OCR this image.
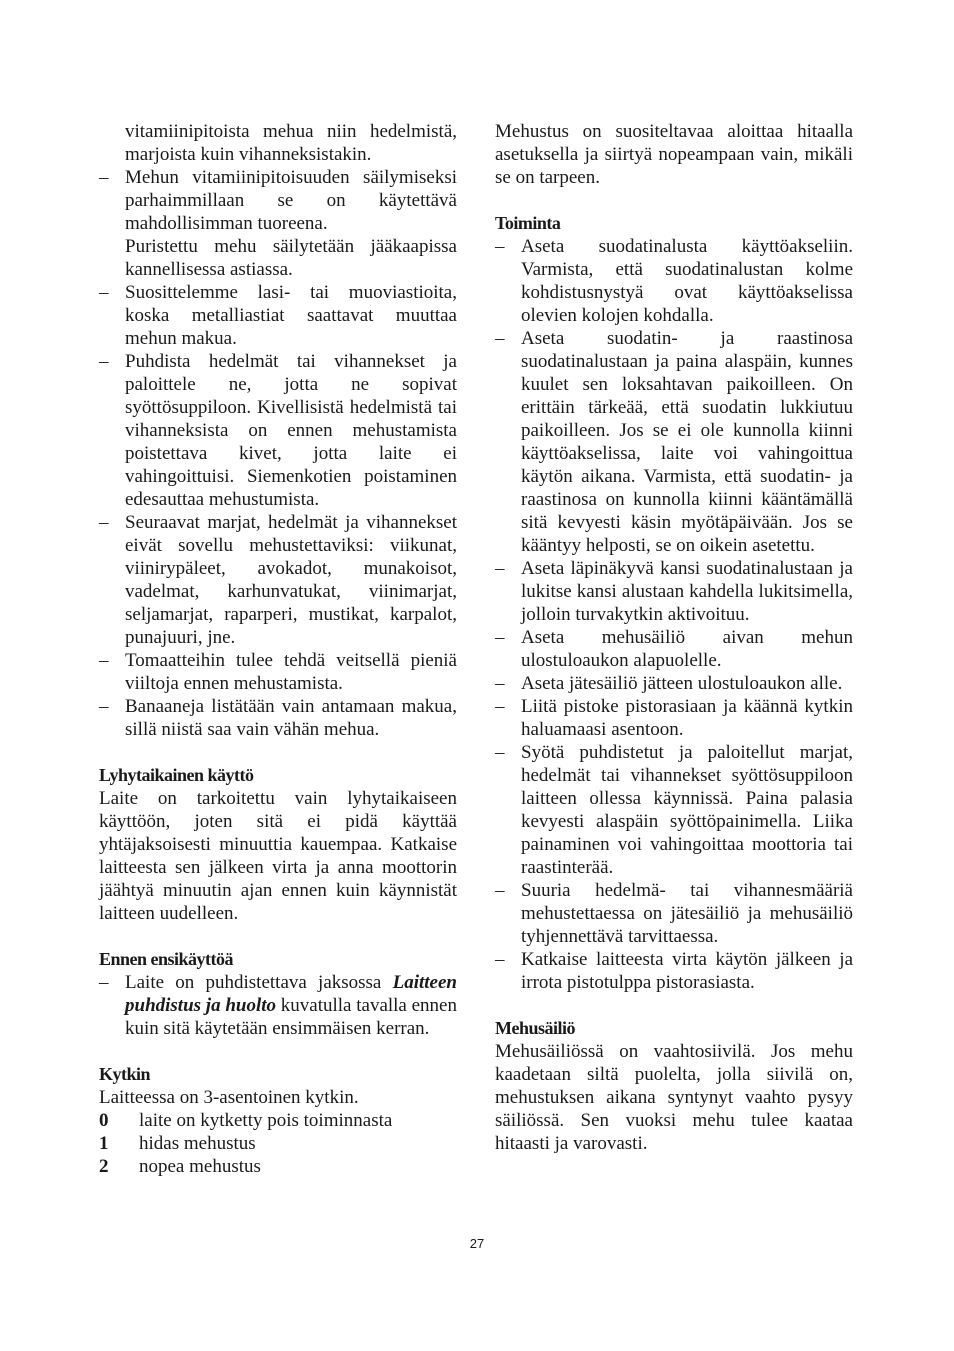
vitamiinipitoista mehua niin hedelmistä, marjoista kuin vihanneksistakin.

– Mehun vitamiinipitoisuuden säilymiseksi parhaimmillaan se on käytettävä mahdollisimman tuoreena.
Puristettu mehu säilytetään jääkaapissa kannellisessa astiassa.
– Suosittelemme lasi- tai muoviastioita, koska metalliastiat saattavat muuttaa mehun makua.
– Puhdista hedelmät tai vihannekset ja paloittele ne, jotta ne sopivat syöttösuppiloon. Kivellisistä hedelmistä tai vihanneksista on ennen mehustamista poistettava kivet, jotta laite ei vahingoittuisi. Siemenkotien poistaminen edesauttaa mehustumista.
– Seuraavat marjat, hedelmät ja vihannekset eivät sovellu mehustettaviksi: viikunat, viinirypäleet, avokadot, munakoisot, vadelmat, karhunvatukat, viinimarjat, seljamarjat, raparperi, mustikat, karpalot, punajuuri, jne.
– Tomaatteihin tulee tehdä veitsellä pieniä viiltoja ennen mehustamista.
– Banaaneja listätään vain antamaan makua, sillä niistä saa vain vähän mehua.
Lyhytaikainen käyttö

Laite on tarkoitettu vain lyhytaikaiseen käyttöön, joten sitä ei pidä käyttää yhtäjaksoisesti minuuttia kauempaa. Katkaise laitteesta sen jälkeen virta ja anna moottorin jäähtyä minuutin ajan ennen kuin käynnistät laitteen uudelleen.

Ennen ensikäyttöä
– Laite on puhdistettava jaksossa Laitteen puhdistus ja huolto kuvatulla tavalla ennen kuin sitä käytetään ensimmäisen kerran.
Kytkin

Laitteessa on 3-asentoinen kytkin.

0 laite on kytketty pois toiminnasta
1 hidas mehustus
2 nopea mehustus

Mehustus on suositeltavaa aloittaa hitaalla asetuksella ja siirtyä nopeampaan vain, mikäli se on tarpeen.

Toiminta
– Aseta suodatinalusta käyttöakseliin. Varmista, että suodatinalustan kolme kohdistusnystyä ovat käyttöakselissa olevien kolojen kohdalla.
– Aseta suodatin- ja raastinosa suodatinalustaan ja paina alaspäin, kunnes kuulet sen loksahtavan paikoilleen. On erittäin tärkeää, että suodatin lukkiutuu paikoilleen. Jos se ei ole kunnolla kiinni käyttöakselissa, laite voi vahingoittua käytön aikana. Varmista, että suodatin- ja raastinosa on kunnolla kiinni kääntämällä sitä kevyesti käsin myötäpäivään. Jos se kääntyy helposti, se on oikein asetettu.
– Aseta läpinäkyvä kansi suodatinalustaan ja lukitse kansi alustaan kahdella lukitsimella, jolloin turvakytkin aktivoituu.
– Aseta mehusäiliö aivan mehun ulostuloaukon alapuolelle.
– Aseta jätesäiliö jätteen ulostuloaukon alle.
– Liitä pistoke pistorasiaan ja käännä kytkin haluamaasi asentoon.
– Syötä puhdistetut ja paloitellut marjat, hedelmät tai vihannekset syöttösuppiloon laitteen ollessa käynnissä. Paina palasia kevyesti alaspäin syöttöpainimella. Liika painaminen voi vahingoittaa moottoria tai raastinterää.
– Suuria hedelmä- tai vihannesmääriä mehustettaessa on jätesäiliö ja mehusäiliö tyhjennettävä tarvittaessa.
– Katkaise laitteesta virta käytön jälkeen ja irrota pistotulppa pistorasiasta.
Mehusäiliö

Mehusäiliössä on vaahtosiivilä. Jos mehu kaadetaan siltä puolelta, jolla siivilä on, mehustuksen aikana syntynyt vaahto pysyy säiliössä. Sen vuoksi mehu tulee kaataa hitaasti ja varovasti.

27
